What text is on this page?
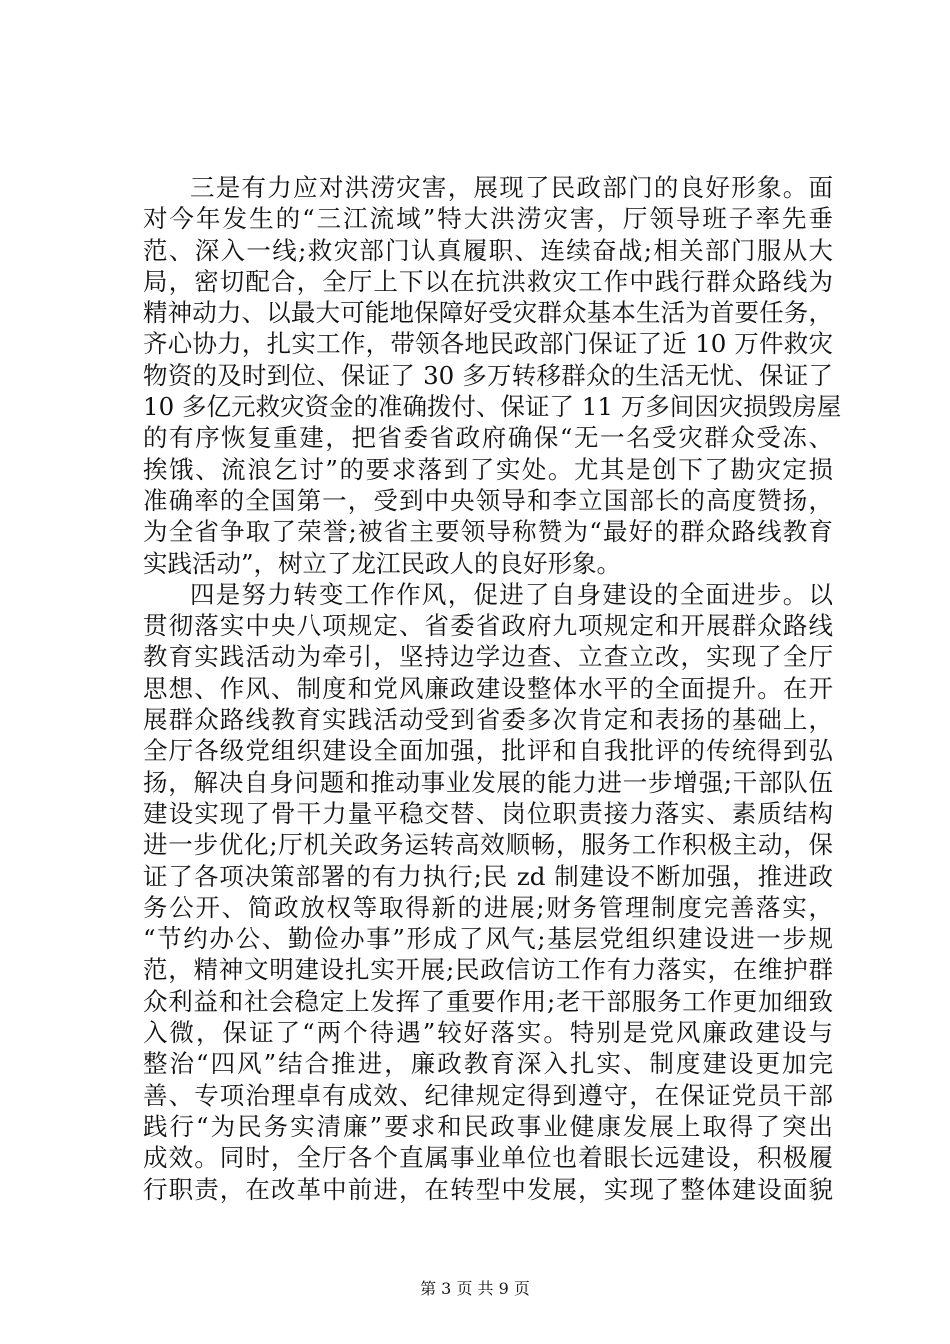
三是有力应对洪涝灾害，展现了民政部门的良好形象。面
对今年发生的“三江流域”特大洪涝灾害，厅领导班子率先垂
范、深入一线;救灾部门认真履职、连续奋战;相关部门服从大
局，密切配合，全厅上下以在抗洪救灾工作中践行群众路线为
精神动力、以最大可能地保障好受灾群众基本生活为首要任务，
齐心协力，扎实工作，带领各地民政部门保证了近 10 万件救灾
物资的及时到位、保证了 30 多万转移群众的生活无忧、保证了
10 多亿元救灾资金的准确拨付、保证了 11 万多间因灾损毁房屋
的有序恢复重建，把省委省政府确保“无一名受灾群众受冻、
挨饿、流浪乞讨”的要求落到了实处。尤其是创下了勘灾定损
准确率的全国第一，受到中央领导和李立国部长的高度赞扬，
为全省争取了荣誉;被省主要领导称赞为“最好的群众路线教育
实践活动”，树立了龙江民政人的良好形象。
四是努力转变工作作风，促进了自身建设的全面进步。以
贯彻落实中央八项规定、省委省政府九项规定和开展群众路线
教育实践活动为牵引，坚持边学边查、立查立改，实现了全厅
思想、作风、制度和党风廉政建设整体水平的全面提升。在开
展群众路线教育实践活动受到省委多次肯定和表扬的基础上，
全厅各级党组织建设全面加强，批评和自我批评的传统得到弘
扬，解决自身问题和推动事业发展的能力进一步增强;干部队伍
建设实现了骨干力量平稳交替、岗位职责接力落实、素质结构
进一步优化;厅机关政务运转高效顺畅，服务工作积极主动，保
证了各项决策部署的有力执行;民 zd 制建设不断加强，推进政
务公开、简政放权等取得新的进展;财务管理制度完善落实，
“节约办公、勤俭办事”形成了风气;基层党组织建设进一步规
范，精神文明建设扎实开展;民政信访工作有力落实，在维护群
众利益和社会稳定上发挥了重要作用;老干部服务工作更加细致
入微，保证了“两个待遇”较好落实。特别是党风廉政建设与
整治“四风”结合推进，廉政教育深入扎实、制度建设更加完
善、专项治理卓有成效、纪律规定得到遵守，在保证党员干部
践行“为民务实清廉”要求和民政事业健康发展上取得了突出
成效。同时，全厅各个直属事业单位也着眼长远建设，积极履
行职责，在改革中前进，在转型中发展，实现了整体建设面貌
第 3 页 共 9 页
